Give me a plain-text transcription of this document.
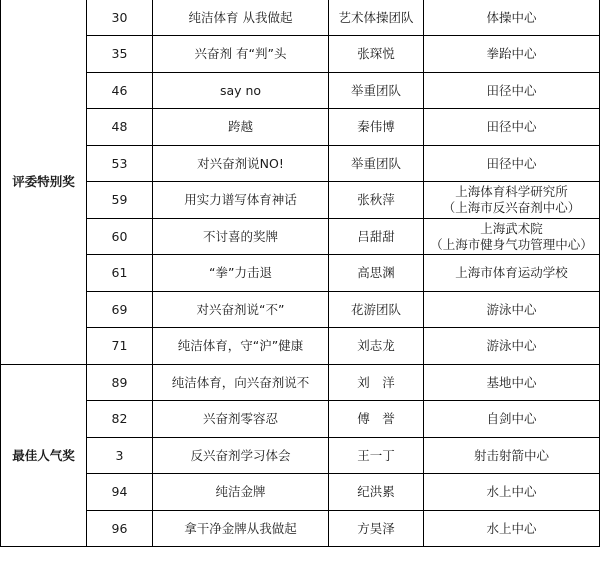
评委特别奖	30	纯洁体育 从我做起	艺术体操团队	体操中心

	35	兴奋剂 有“判”头	张琛悦	拳跆中心

	46	say no	举重团队	田径中心

	48	跨越	秦伟博	田径中心

	53	对兴奋剂说NO!	举重团队	田径中心

	59	用实力谱写体育神话	张秋萍	上海体育科学研究所
（上海市反兴奋剂中心）

	60	不讨喜的奖牌	吕甜甜	上海武术院
（上海市健身气功管理中心）

	61	“拳”力击退	高思渊	上海市体育运动学校

	69	对兴奋剂说“不”	花游团队	游泳中心

	71	纯洁体育，守“沪”健康	刘志龙	游泳中心

最佳人气奖	89	纯洁体育，向兴奋剂说不	刘　洋	基地中心

	82	兴奋剂零容忍	傅　誉	自剑中心

	3	反兴奋剂学习体会	王一丁	射击射箭中心

	94	纯洁金牌	纪洪累	水上中心

	96	拿干净金牌从我做起	方昊泽	水上中心
